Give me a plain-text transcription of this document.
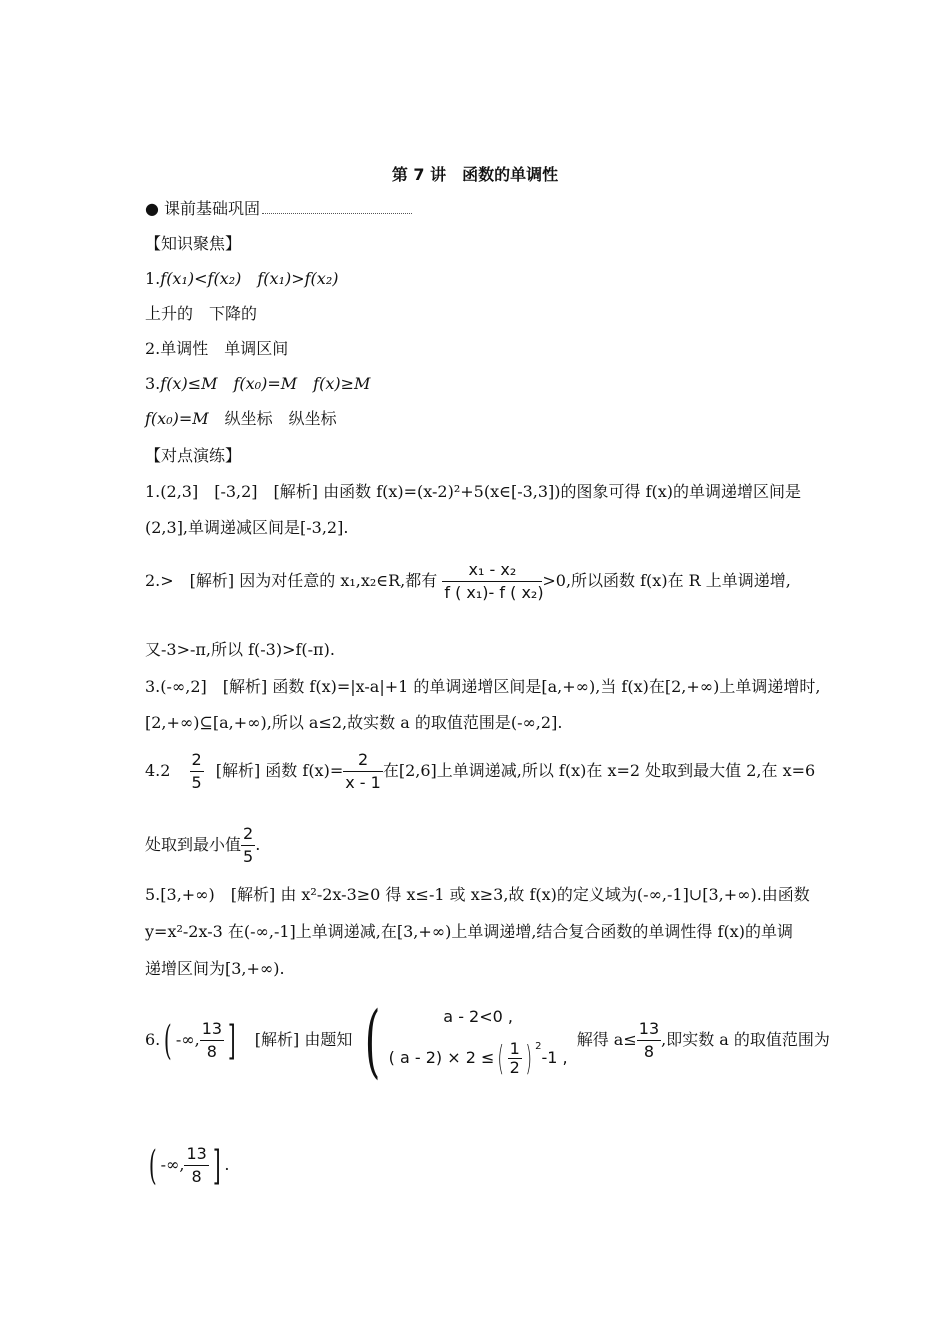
第 7 讲　函数的单调性
● 课前基础巩固
【知识聚焦】
1.f(x₁)<f(x₂)　 f(x₁)>f(x₂)
上升的　下降的
2.单调性　单调区间
3.f(x)≤M　 f(x₀)=M　 f(x)≥M
f(x₀)=M　 纵坐标　纵坐标
【对点演练】
1.(2,3]　[-3,2]　[解析] 由函数 f(x)=(x-2)²+5(x∈[-3,3])的图象可得 f(x)的单调递增区间是
(2,3],单调递减区间是[-3,2].
2.>　[解析] 因为对任意的 x₁,x₂∈R,都有 $\frac{\text{x₁ - x₂}}{\text{f ( x₁)- f ( x₂)}} >0$,所以函数 f(x)在 R 上单调递增,
又-3>-π,所以 f(-3)>f(-π).
3.(-∞,2]　[解析] 函数 f(x)=|x-a|+1 的单调递增区间是[a,+∞),当 f(x)在[2,+∞)上单调递增时,
[2,+∞)⊆[a,+∞),所以 a≤2,故实数 a 的取值范围是(-∞,2].
$4.2 \frac{2}{5}$ [解析] 函数 $f(x)= \frac{2}{x - 1}$ 在[2,6]上单调递减,所以 f(x)在 x=2 处取到最大值 2,在 x=6
处取到最小值 $\frac{2}{5}$ .
5.[3,+∞)　[解析] 由 x²-2x-3≥0 得 x≤-1 或 x≥3,故 f(x)的定义域为(-∞,-1]∪[3,+∞).由函数
y=x²-2x-3 在(-∞,-1]上单调递减,在[3,+∞)上单调递增,结合复合函数的单调性得 f(x)的单调
递增区间为[3,+∞).
6.( -∞, $\frac{13}{8}$ ] [解析] 由题知 (	a - 2<0 ,
( a - 2) × 2 ≤( $\frac{1}{2}$ ) $^2$-1 ,
解得 $a\le \frac{13}{8}$ ,即实数 a 的取值范围为
( -∞, $\frac{13}{8}$ ] .
